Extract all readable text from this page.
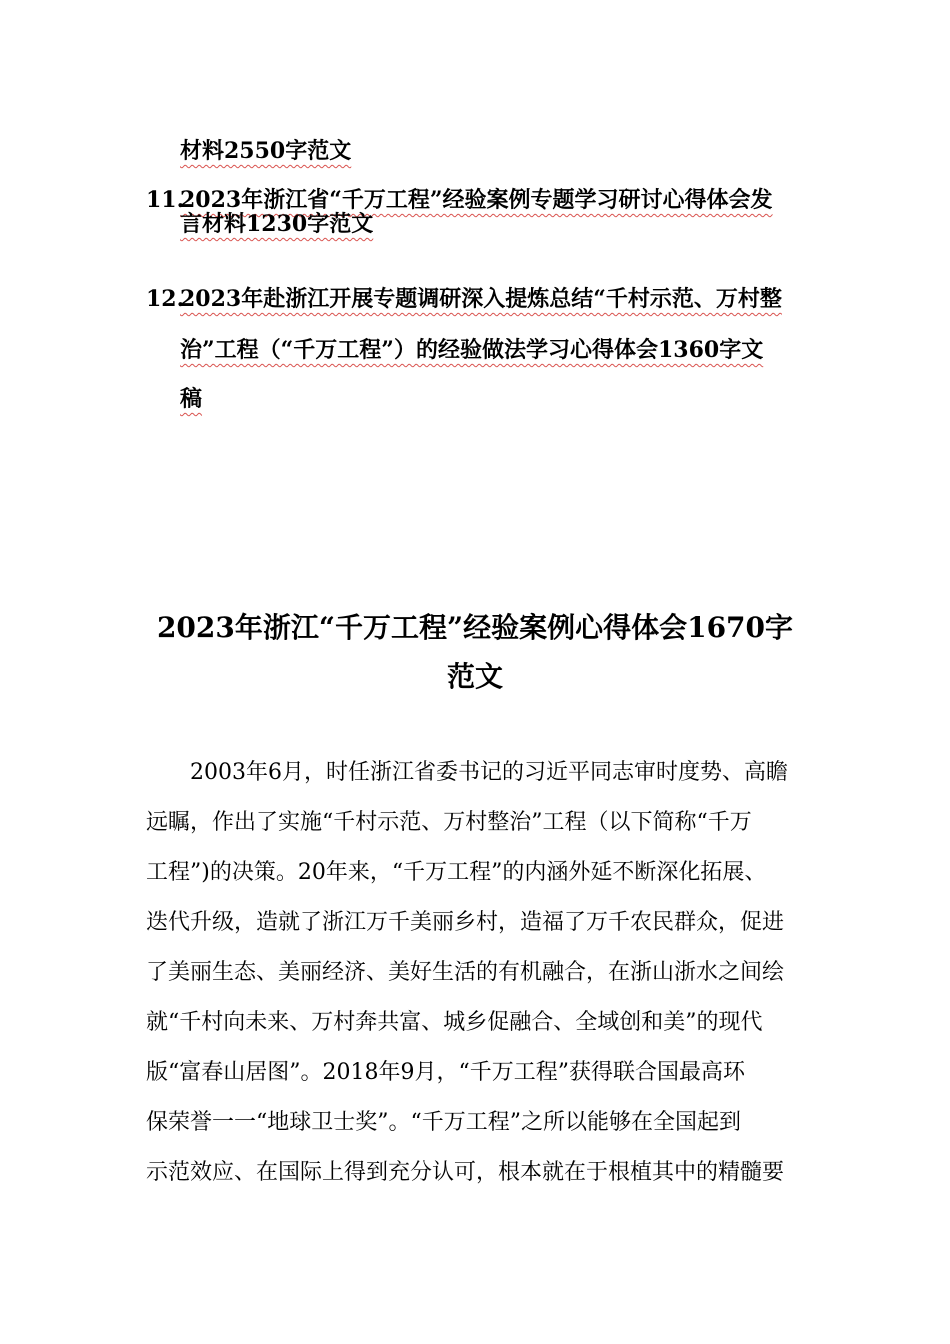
材料2550字范文
11.2023年浙江省“千万工程”经验案例专题学习研讨心得体会发
言材料1230字范文
12.2023年赴浙江开展专题调研深入提炼总结“千村示范、万村整
治”工程（“千万工程”）的经验做法学习心得体会1360字文
稿
2023年浙江“千万工程”经验案例心得体会1670字
范文
　　2003年6月，时任浙江省委书记的习近平同志审时度势、高瞻
远瞩，作出了实施“千村示范、万村整治”工程（以下简称“千万
工程”)的决策。20年来，“千万工程”的内涵外延不断深化拓展、
迭代升级，造就了浙江万千美丽乡村，造福了万千农民群众，促进
了美丽生态、美丽经济、美好生活的有机融合，在浙山浙水之间绘
就“千村向未来、万村奔共富、城乡促融合、全域创和美”的现代
版“富春山居图”。2018年9月，“千万工程”获得联合国最高环
保荣誉一一“地球卫士奖”。“千万工程”之所以能够在全国起到
示范效应、在国际上得到充分认可，根本就在于根植其中的精髓要
